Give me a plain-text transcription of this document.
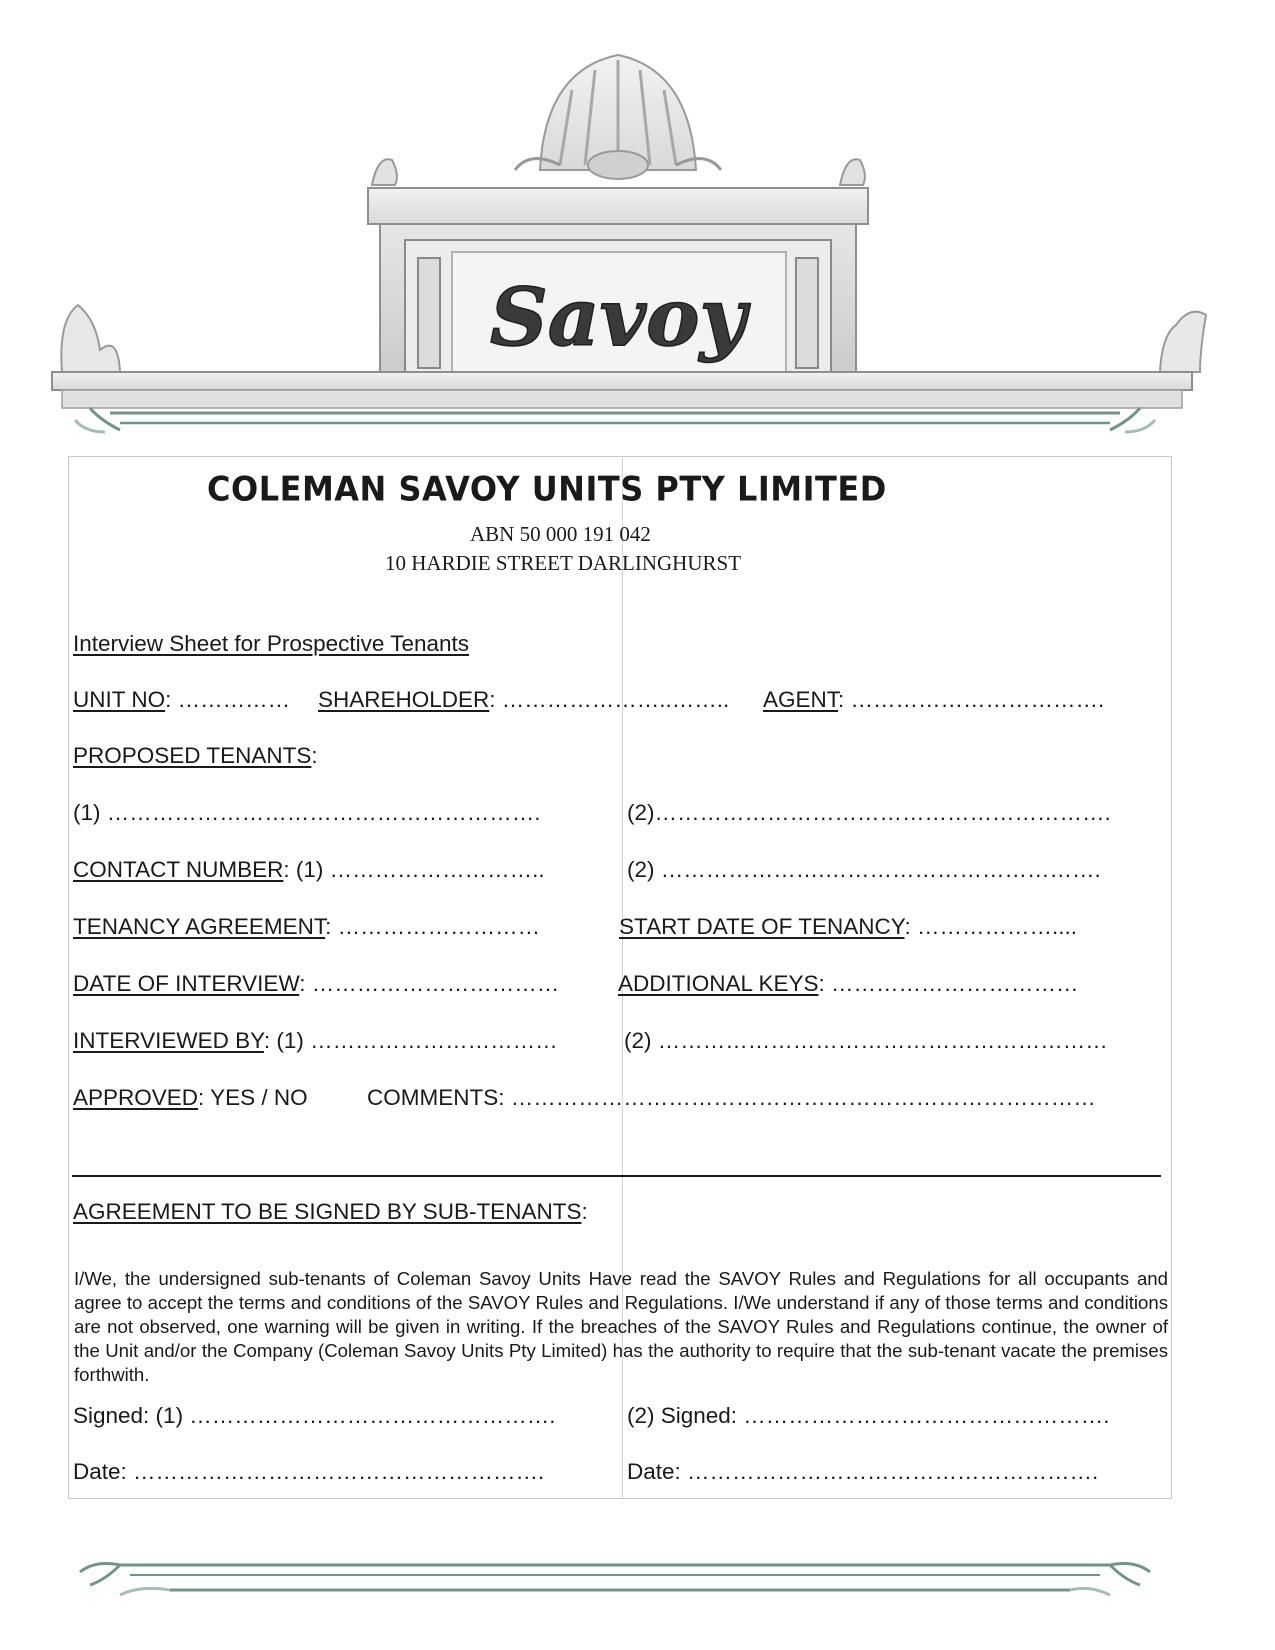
Savoy
COLEMAN SAVOY UNITS PTY LIMITED
ABN 50 000 191 042
10 HARDIE STREET DARLINGHURST
Interview Sheet for Prospective Tenants
UNIT NO: …………… SHAREHOLDER: …………………..…….. AGENT: …………………………….
PROPOSED TENANTS:
(1) ………………………………………………….	(2)…………………………………………………….
CONTACT NUMBER: (1) ………………………..	(2) ………………….……………………………….
TENANCY AGREEMENT: ………………………	START DATE OF TENANCY: ………………....
DATE OF INTERVIEW: ……………………………	ADDITIONAL KEYS: ……………………………
INTERVIEWED BY: (1) ……………………………	(2) ……………………………………………………
APPROVED: YES / NO	COMMENTS: ……………………………………………………………………
AGREEMENT TO BE SIGNED BY SUB-TENANTS:
I/We, the undersigned sub-tenants of Coleman Savoy Units Have read the SAVOY Rules and Regulations for all occupants and agree to accept the terms and conditions of the SAVOY Rules and Regulations. I/We understand if any of those terms and conditions are not observed, one warning will be given in writing. If the breaches of the SAVOY Rules and Regulations continue, the owner of the Unit and/or the Company (Coleman Savoy Units Pty Limited) has the authority to require that the sub-tenant vacate the premises forthwith.
Signed: (1) ………………………………………….	(2) Signed: ………………………………………….
Date: ……………………………………………….	Date: ……………………………………………….
